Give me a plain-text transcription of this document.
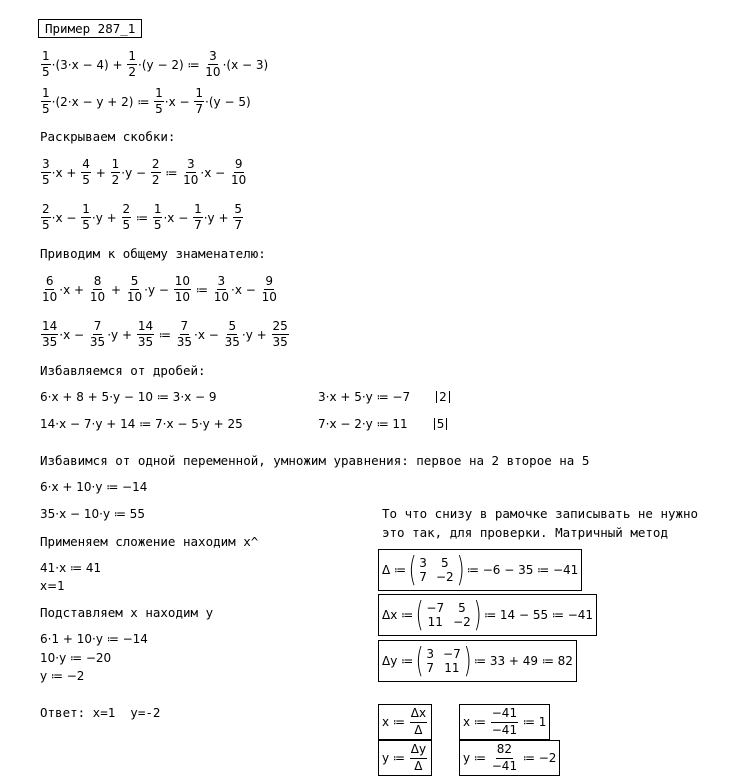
Пример 287_1
$\frac{1}{5} \cdot (3\cdot x - 4) + \frac{1}{2} \cdot (y - 2)$ ≔ $\frac{3}{10} \cdot (x - 3)$
$\frac{1}{5} \cdot (2\cdot x - y + 2)$ ≔ $\frac{1}{5} \cdot x - \frac{1}{7} \cdot (y - 5)$
Раскрываем скобки:
$\frac{3}{5} \cdot x + \frac{4}{5} + \frac{1}{2} \cdot y - \frac{2}{2}$ ≔ $\frac{3}{10} \cdot x - \frac{9}{10}$
$\frac{2}{5} \cdot x - \frac{1}{5} \cdot y + \frac{2}{5}$ ≔ $\frac{1}{5} \cdot x - \frac{1}{7} \cdot y + \frac{5}{7}$
Приводим к общему знаменателю:
$\frac{6}{10} \cdot x + \frac{8}{10} + \frac{5}{10} \cdot y - \frac{10}{10}$ ≔ $\frac{3}{10} \cdot x - \frac{9}{10}$
$\frac{14}{35} \cdot x - \frac{7}{35} \cdot y + \frac{14}{35}$ ≔ $\frac{7}{35} \cdot x - \frac{5}{35} \cdot y + \frac{25}{35}$
Избавляемся от дробей:
6·x + 8 + 5·y − 10 ≔ 3·x − 9
14·x − 7·y + 14 ≔ 7·x − 5·y + 25
3·x + 5·y ≔ −7 2
7·x − 2·y ≔ 11 5
Избавимся от одной переменной, умножим уравнения: первое на 2 второе на 5
6·x + 10·y ≔ −14
35·x − 10·y ≔ 55
Применяем сложение находим x^
41·x ≔ 41
x=1
Подставляем x находим y
6·1 + 10·y ≔ −14
10·y ≔ −20
y ≔ −2
Ответ: x=1  y=-2
То что снизу в рамочке записывать не нужно
это так, для проверки. Матричный метод
Δ ≔ ( 3	5
7 −2 ) ≔ −6 − 35 ≔ −41
Δx ≔ ( −7	5
11 −2 ) ≔ 14 − 55 ≔ −41
Δy ≔ ( 3 −7
7 11 ) ≔ 33 + 49 ≔ 82
x ≔
$\frac{\Delta x}{\Delta}$
y ≔
$\frac{\Delta y}{\Delta}$
x ≔
$\frac{-41}{-41}$
≔ 1
y ≔
$\frac{82}{-41}$
≔ −2
